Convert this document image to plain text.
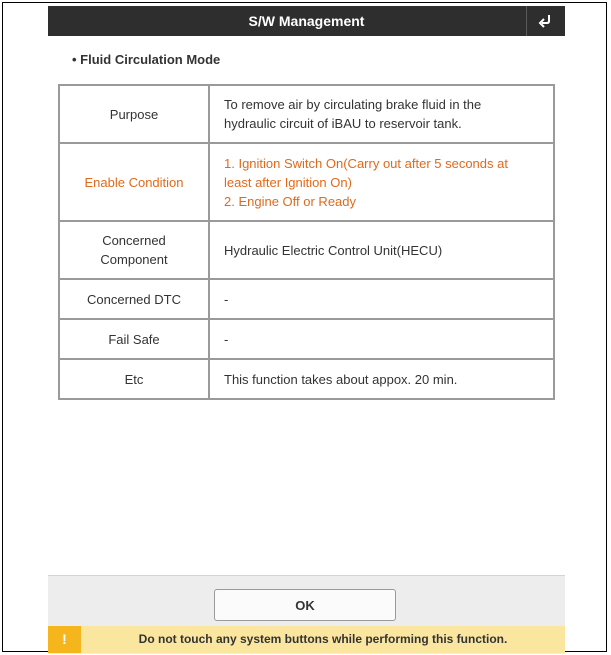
S/W Management
• Fluid Circulation Mode
Purpose	To remove air by circulating brake fluid in the
hydraulic circuit of iBAU to reservoir tank.

Enable Condition	1. Ignition Switch On(Carry out after 5 seconds at
least after Ignition On)
2. Engine Off or Ready

Concerned
Component	Hydraulic Electric Control Unit(HECU)
Concerned DTC	-
Fail Safe	-
Etc	This function takes about appox. 20 min.
OK
!	Do not touch any system buttons while performing this function.
